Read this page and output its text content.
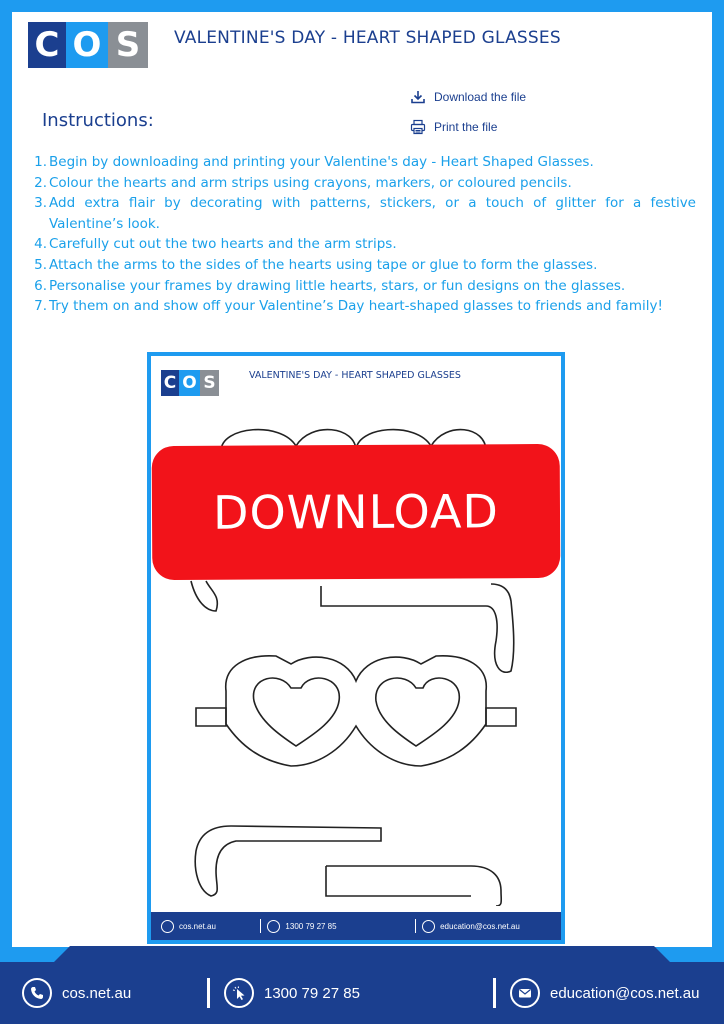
C O S	VALENTINE'S DAY - HEART SHAPED GLASSES
Download the file
Print the file
Instructions:
1. Begin by downloading and printing your Valentine's day - Heart Shaped Glasses.
2. Colour the hearts and arm strips using crayons, markers, or coloured pencils.
3. Add extra flair by decorating with patterns, stickers, or a touch of glitter for a festive Valentine’s look.
4. Carefully cut out the two hearts and the arm strips.
5. Attach the arms to the sides of the hearts using tape or glue to form the glasses.
6. Personalise your frames by drawing little hearts, stars, or fun designs on the glasses.
7. Try them on and show off your Valentine’s Day heart-shaped glasses to friends and family!
C O S	VALENTINE'S DAY - HEART SHAPED GLASSES
cos.net.au	1300 79 27 85	education@cos.net.au
DOWNLOAD
cos.net.au	1300 79 27 85	education@cos.net.au
